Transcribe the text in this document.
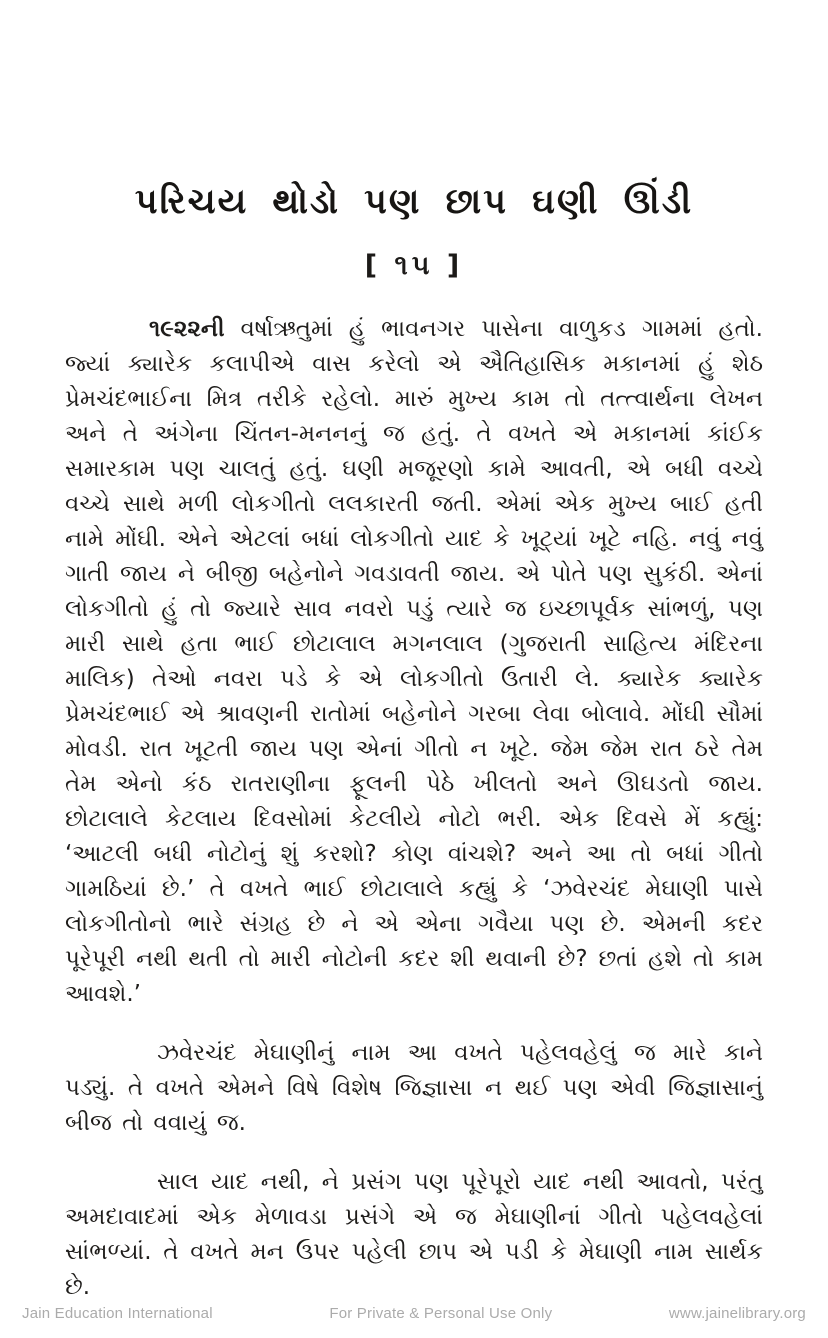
પરિચય થોડો પણ છાપ ઘણી ઊંડી
[ ૧૫ ]

૧૯૨૨ની વર્ષાઋતુમાં હું ભાવનગર પાસેના વાળુકડ ગામમાં હતો. જ્યાં ક્યારેક કલાપીએ વાસ કરેલો એ ઐતિહાસિક મકાનમાં હું શેઠ પ્રેમચંદભાઈના મિત્ર તરીકે રહેલો. મારું મુખ્ય કામ તો તત્ત્વાર્થના લેખન અને તે અંગેના ચિંતન-મનનનું જ હતું. તે વખતે એ મકાનમાં કાંઈક સમારકામ પણ ચાલતું હતું. ઘણી મજૂરણો કામે આવતી, એ બધી વચ્ચે વચ્ચે સાથે મળી લોકગીતો લલકારતી જતી. એમાં એક મુખ્ય બાઈ હતી નામે મોંઘી. એને એટલાં બધાં લોકગીતો યાદ કે ખૂટ્યાં ખૂટે નહિ. નવું નવું ગાતી જાય ને બીજી બહેનોને ગવડાવતી જાય. એ પોતે પણ સુકંઠી. એનાં લોકગીતો હું તો જ્યારે સાવ નવરો પડું ત્યારે જ ઇચ્છાપૂર્વક સાંભળું, પણ મારી સાથે હતા ભાઈ છોટાલાલ મગનલાલ (ગુજરાતી સાહિત્ય મંદિરના માલિક) તેઓ નવરા પડે કે એ લોકગીતો ઉતારી લે. ક્યારેક ક્યારેક પ્રેમચંદભાઈ એ શ્રાવણની રાતોમાં બહેનોને ગરબા લેવા બોલાવે. મોંઘી સૌમાં મોવડી. રાત ખૂટતી જાય પણ એનાં ગીતો ન ખૂટે. જેમ જેમ રાત ઠરે તેમ તેમ એનો કંઠ રાતરાણીના ફૂલની પેઠે ખીલતો અને ઊઘડતો જાય. છોટાલાલે કેટલાય દિવસોમાં કેટલીયે નોટો ભરી. એક દિવસે મેં કહ્યું: ‘આટલી બધી નોટોનું શું કરશો? કોણ વાંચશે? અને આ તો બધાં ગીતો ગામઠિયાં છે.’ તે વખતે ભાઈ છોટાલાલે કહ્યું કે ‘ઝવેરચંદ મેઘાણી પાસે લોકગીતોનો ભારે સંગ્રહ છે ને એ એના ગવૈયા પણ છે. એમની કદર પૂરેપૂરી નથી થતી તો મારી નોટોની કદર શી થવાની છે? છતાં હશે તો કામ આવશે.’

ઝવેરચંદ મેઘાણીનું નામ આ વખતે પહેલવહેલું જ મારે કાને પડ્યું. તે વખતે એમને વિષે વિશેષ જિજ્ઞાસા ન થઈ પણ એવી જિજ્ઞાસાનું બીજ તો વવાયું જ.

સાલ યાદ નથી, ને પ્રસંગ પણ પૂરેપૂરો યાદ નથી આવતો, પરંતુ અમદાવાદમાં એક મેળાવડા પ્રસંગે એ જ મેઘાણીનાં ગીતો પહેલવહેલાં સાંભળ્યાં. તે વખતે મન ઉપર પહેલી છાપ એ પડી કે મેઘાણી નામ સાર્થક છે.

Jain Education International	For Private & Personal Use Only	www.jainelibrary.org
